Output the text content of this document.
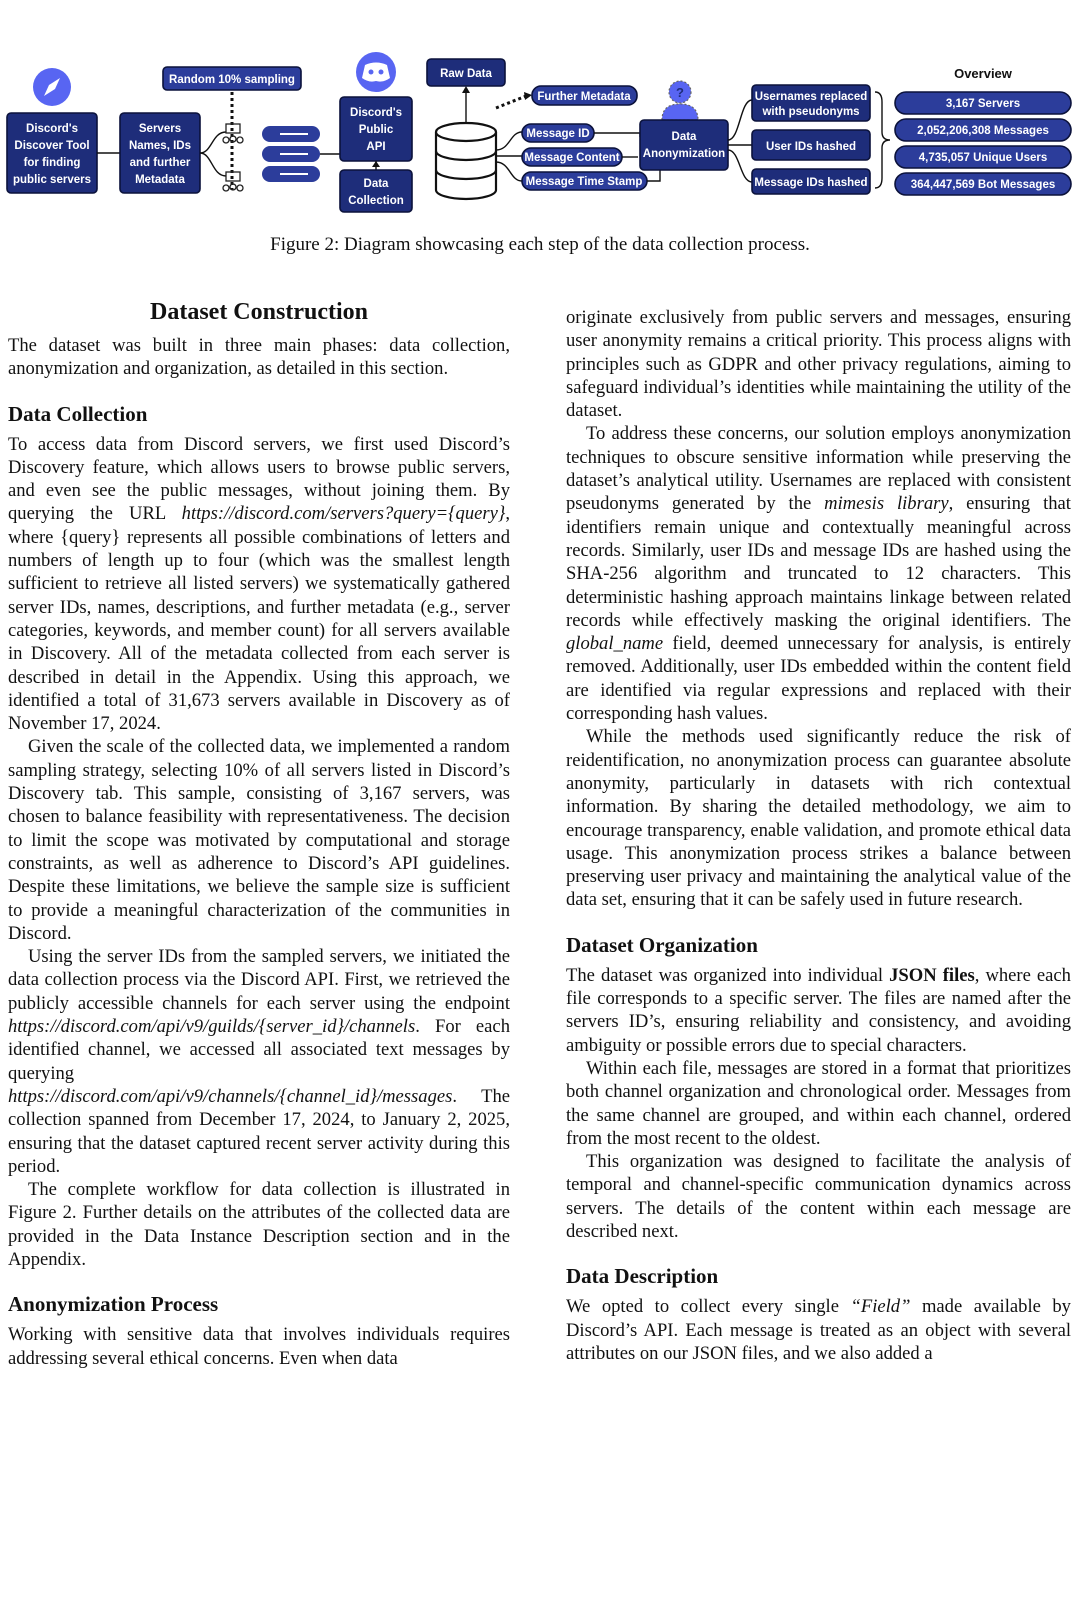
Discord's
Discover Tool
for finding
public servers
Servers
Names, IDs
and further
Metadata
Random 10% sampling
Discord's
Public
API
Data
Collection
Raw Data
Further Metadata
Message ID
Message Content
Message Time Stamp
?
Data
Anonymization
Usernames replaced
with pseudonyms
User IDs hashed
Message IDs hashed
Overview
3,167 Servers
2,052,206,308 Messages
4,735,057 Unique Users
364,447,569 Bot Messages
Figure 2: Diagram showcasing each step of the data collection process.
Dataset Construction

The dataset was built in three main phases: data collection, anonymization and organization, as detailed in this section.

Data Collection

To access data from Discord servers, we first used Discord’s Discovery feature, which allows users to browse public servers, and even see the public messages, without joining them. By querying the URL https://discord.com/servers?query={query}, where {query} represents all possible combinations of letters and numbers of length up to four (which was the smallest length sufficient to retrieve all listed servers) we systematically gathered server IDs, names, descriptions, and further metadata (e.g., server categories, keywords, and member count) for all servers available in Discovery. All of the metadata collected from each server is described in detail in the Appendix. Using this approach, we identified a total of 31,673 servers available in Discovery as of November 17, 2024.

Given the scale of the collected data, we implemented a random sampling strategy, selecting 10% of all servers listed in Discord’s Discovery tab. This sample, consisting of 3,167 servers, was chosen to balance feasibility with representativeness. The decision to limit the scope was motivated by computational and storage constraints, as well as adherence to Discord’s API guidelines. Despite these limitations, we believe the sample size is sufficient to provide a meaningful characterization of the communities in Discord.

Using the server IDs from the sampled servers, we initiated the data collection process via the Discord API. First, we retrieved the publicly accessible channels for each server using the endpoint https://discord.com/api/v9/guilds/{server_id}/channels. For each identified channel, we accessed all associated text messages by querying https://discord.com/api/v9/channels/{channel_id}/messages. The collection spanned from December 17, 2024, to January 2, 2025, ensuring that the dataset captured recent server activity during this period.

The complete workflow for data collection is illustrated in Figure 2. Further details on the attributes of the collected data are provided in the Data Instance Description section and in the Appendix.

Anonymization Process

Working with sensitive data that involves individuals requires addressing several ethical concerns. Even when data

originate exclusively from public servers and messages, ensuring user anonymity remains a critical priority. This process aligns with principles such as GDPR and other privacy regulations, aiming to safeguard individual’s identities while maintaining the utility of the dataset.

To address these concerns, our solution employs anonymization techniques to obscure sensitive information while preserving the dataset’s analytical utility. Usernames are replaced with consistent pseudonyms generated by the mimesis library, ensuring that identifiers remain unique and contextually meaningful across records. Similarly, user IDs and message IDs are hashed using the SHA-256 algorithm and truncated to 12 characters. This deterministic hashing approach maintains linkage between related records while effectively masking the original identifiers. The global_name field, deemed unnecessary for analysis, is entirely removed. Additionally, user IDs embedded within the content field are identified via regular expressions and replaced with their corresponding hash values.

While the methods used significantly reduce the risk of reidentification, no anonymization process can guarantee absolute anonymity, particularly in datasets with rich contextual information. By sharing the detailed methodology, we aim to encourage transparency, enable validation, and promote ethical data usage. This anonymization process strikes a balance between preserving user privacy and maintaining the analytical value of the data set, ensuring that it can be safely used in future research.

Dataset Organization

The dataset was organized into individual JSON files, where each file corresponds to a specific server. The files are named after the servers ID’s, ensuring reliability and consistency, and avoiding ambiguity or possible errors due to special characters.

Within each file, messages are stored in a format that prioritizes both channel organization and chronological order. Messages from the same channel are grouped, and within each channel, ordered from the most recent to the oldest.

This organization was designed to facilitate the analysis of temporal and channel-specific communication dynamics across servers. The details of the content within each message are described next.

Data Description

We opted to collect every single “Field” made available by Discord’s API. Each message is treated as an object with several attributes on our JSON files, and we also added a
